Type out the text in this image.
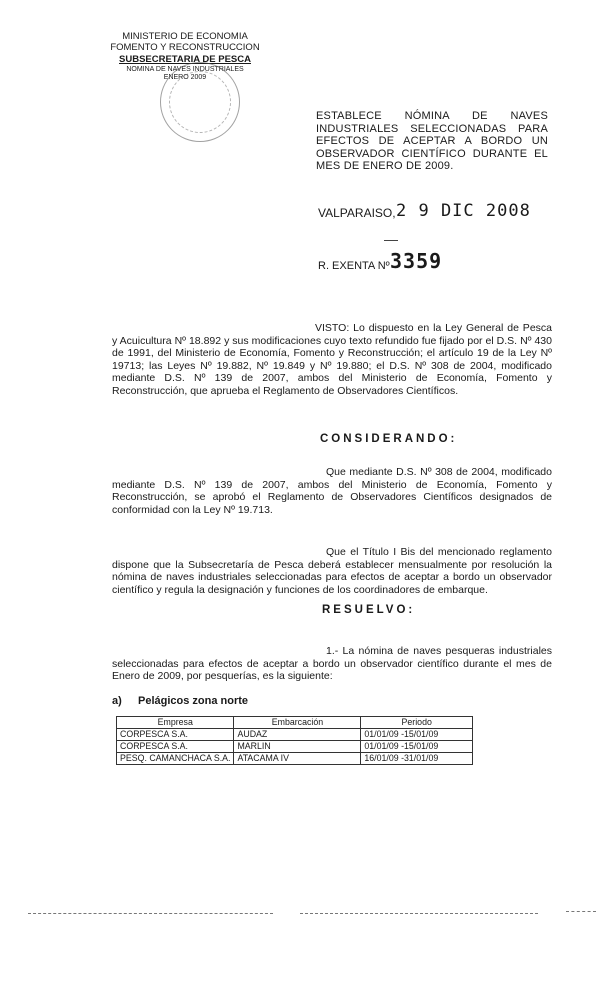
MINISTERIO DE ECONOMIA
FOMENTO Y RECONSTRUCCION
SUBSECRETARIA DE PESCA
NOMINA DE NAVES INDUSTRIALES
ENERO 2009
ESTABLECE NÓMINA DE NAVES INDUSTRIALES SELECCIONADAS PARA EFECTOS DE ACEPTAR A BORDO UN OBSERVADOR CIENTÍFICO DURANTE EL MES DE ENERO DE 2009.
VALPARAISO, 2 9 DIC 2008
R. EXENTA Nº 3359
VISTO: Lo dispuesto en la Ley General de Pesca y Acuicultura Nº 18.892 y sus modificaciones cuyo texto refundido fue fijado por el D.S. Nº 430 de 1991, del Ministerio de Economía, Fomento y Reconstrucción; el artículo 19 de la Ley Nº 19713; las Leyes Nº 19.882, Nº 19.849 y Nº 19.880; el D.S. Nº 308 de 2004, modificado mediante D.S. Nº 139 de 2007, ambos del Ministerio de Economía, Fomento y Reconstrucción, que aprueba el Reglamento de Observadores Científicos.
CONSIDERANDO:
Que mediante D.S. Nº 308 de 2004, modificado mediante D.S. Nº 139 de 2007, ambos del Ministerio de Economía, Fomento y Reconstrucción, se aprobó el Reglamento de Observadores Científicos designados de conformidad con la Ley Nº 19.713.
Que el Título I Bis del mencionado reglamento dispone que la Subsecretaría de Pesca deberá establecer mensualmente por resolución la nómina de naves industriales seleccionadas para efectos de aceptar a bordo un observador científico y regula la designación y funciones de los coordinadores de embarque.
RESUELVO:
1.- La nómina de naves pesqueras industriales seleccionadas para efectos de aceptar a bordo un observador científico durante el mes de Enero de 2009, por pesquerías, es la siguiente:
a) Pelágicos zona norte
Empresa	Embarcación	Periodo
CORPESCA S.A.	AUDAZ	01/01/09 -15/01/09
CORPESCA S.A.	MARLIN	01/01/09 -15/01/09
PESQ. CAMANCHACA S.A.	ATACAMA IV	16/01/09 -31/01/09
